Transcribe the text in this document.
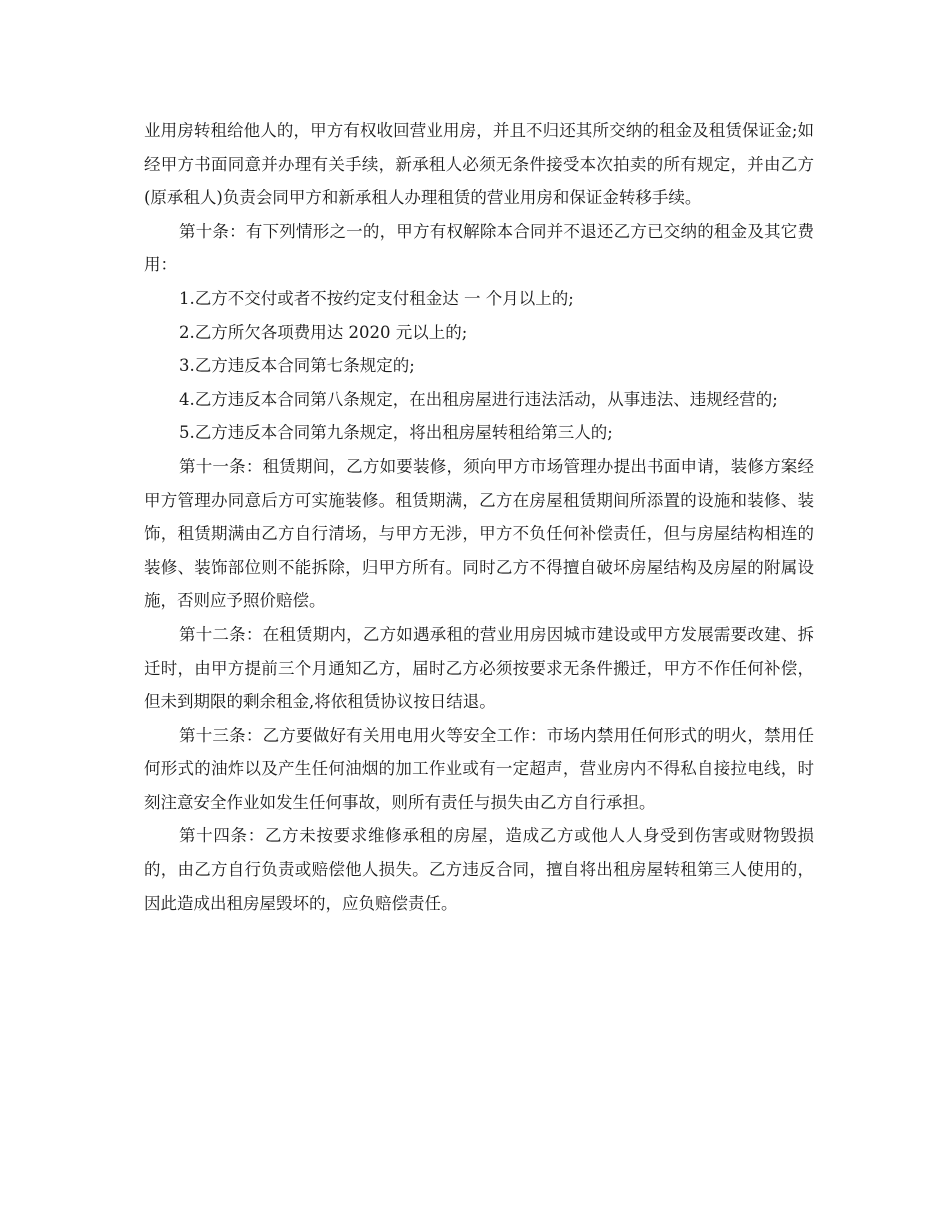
业用房转租给他人的，甲方有权收回营业用房，并且不归还其所交纳的租金及租赁保证金;如经甲方书面同意并办理有关手续，新承租人必须无条件接受本次拍卖的所有规定，并由乙方(原承租人)负责会同甲方和新承租人办理租赁的营业用房和保证金转移手续。

第十条：有下列情形之一的，甲方有权解除本合同并不退还乙方已交纳的租金及其它费用：

1.乙方不交付或者不按约定支付租金达 一 个月以上的;

2.乙方所欠各项费用达 2020 元以上的;

3.乙方违反本合同第七条规定的;

4.乙方违反本合同第八条规定，在出租房屋进行违法活动，从事违法、违规经营的;

5.乙方违反本合同第九条规定，将出租房屋转租给第三人的;

第十一条：租赁期间，乙方如要装修，须向甲方市场管理办提出书面申请，装修方案经甲方管理办同意后方可实施装修。租赁期满，乙方在房屋租赁期间所添置的设施和装修、装饰，租赁期满由乙方自行清场，与甲方无涉，甲方不负任何补偿责任，但与房屋结构相连的装修、装饰部位则不能拆除，归甲方所有。同时乙方不得擅自破坏房屋结构及房屋的附属设施，否则应予照价赔偿。

第十二条：在租赁期内，乙方如遇承租的营业用房因城市建设或甲方发展需要改建、拆迁时，由甲方提前三个月通知乙方，届时乙方必须按要求无条件搬迁，甲方不作任何补偿，但未到期限的剩余租金,将依租赁协议按日结退。

第十三条：乙方要做好有关用电用火等安全工作：市场内禁用任何形式的明火，禁用任何形式的油炸以及产生任何油烟的加工作业或有一定超声，营业房内不得私自接拉电线，时刻注意安全作业如发生任何事故，则所有责任与损失由乙方自行承担。

第十四条：乙方未按要求维修承租的房屋，造成乙方或他人人身受到伤害或财物毁损的，由乙方自行负责或赔偿他人损失。乙方违反合同，擅自将出租房屋转租第三人使用的，因此造成出租房屋毁坏的，应负赔偿责任。
